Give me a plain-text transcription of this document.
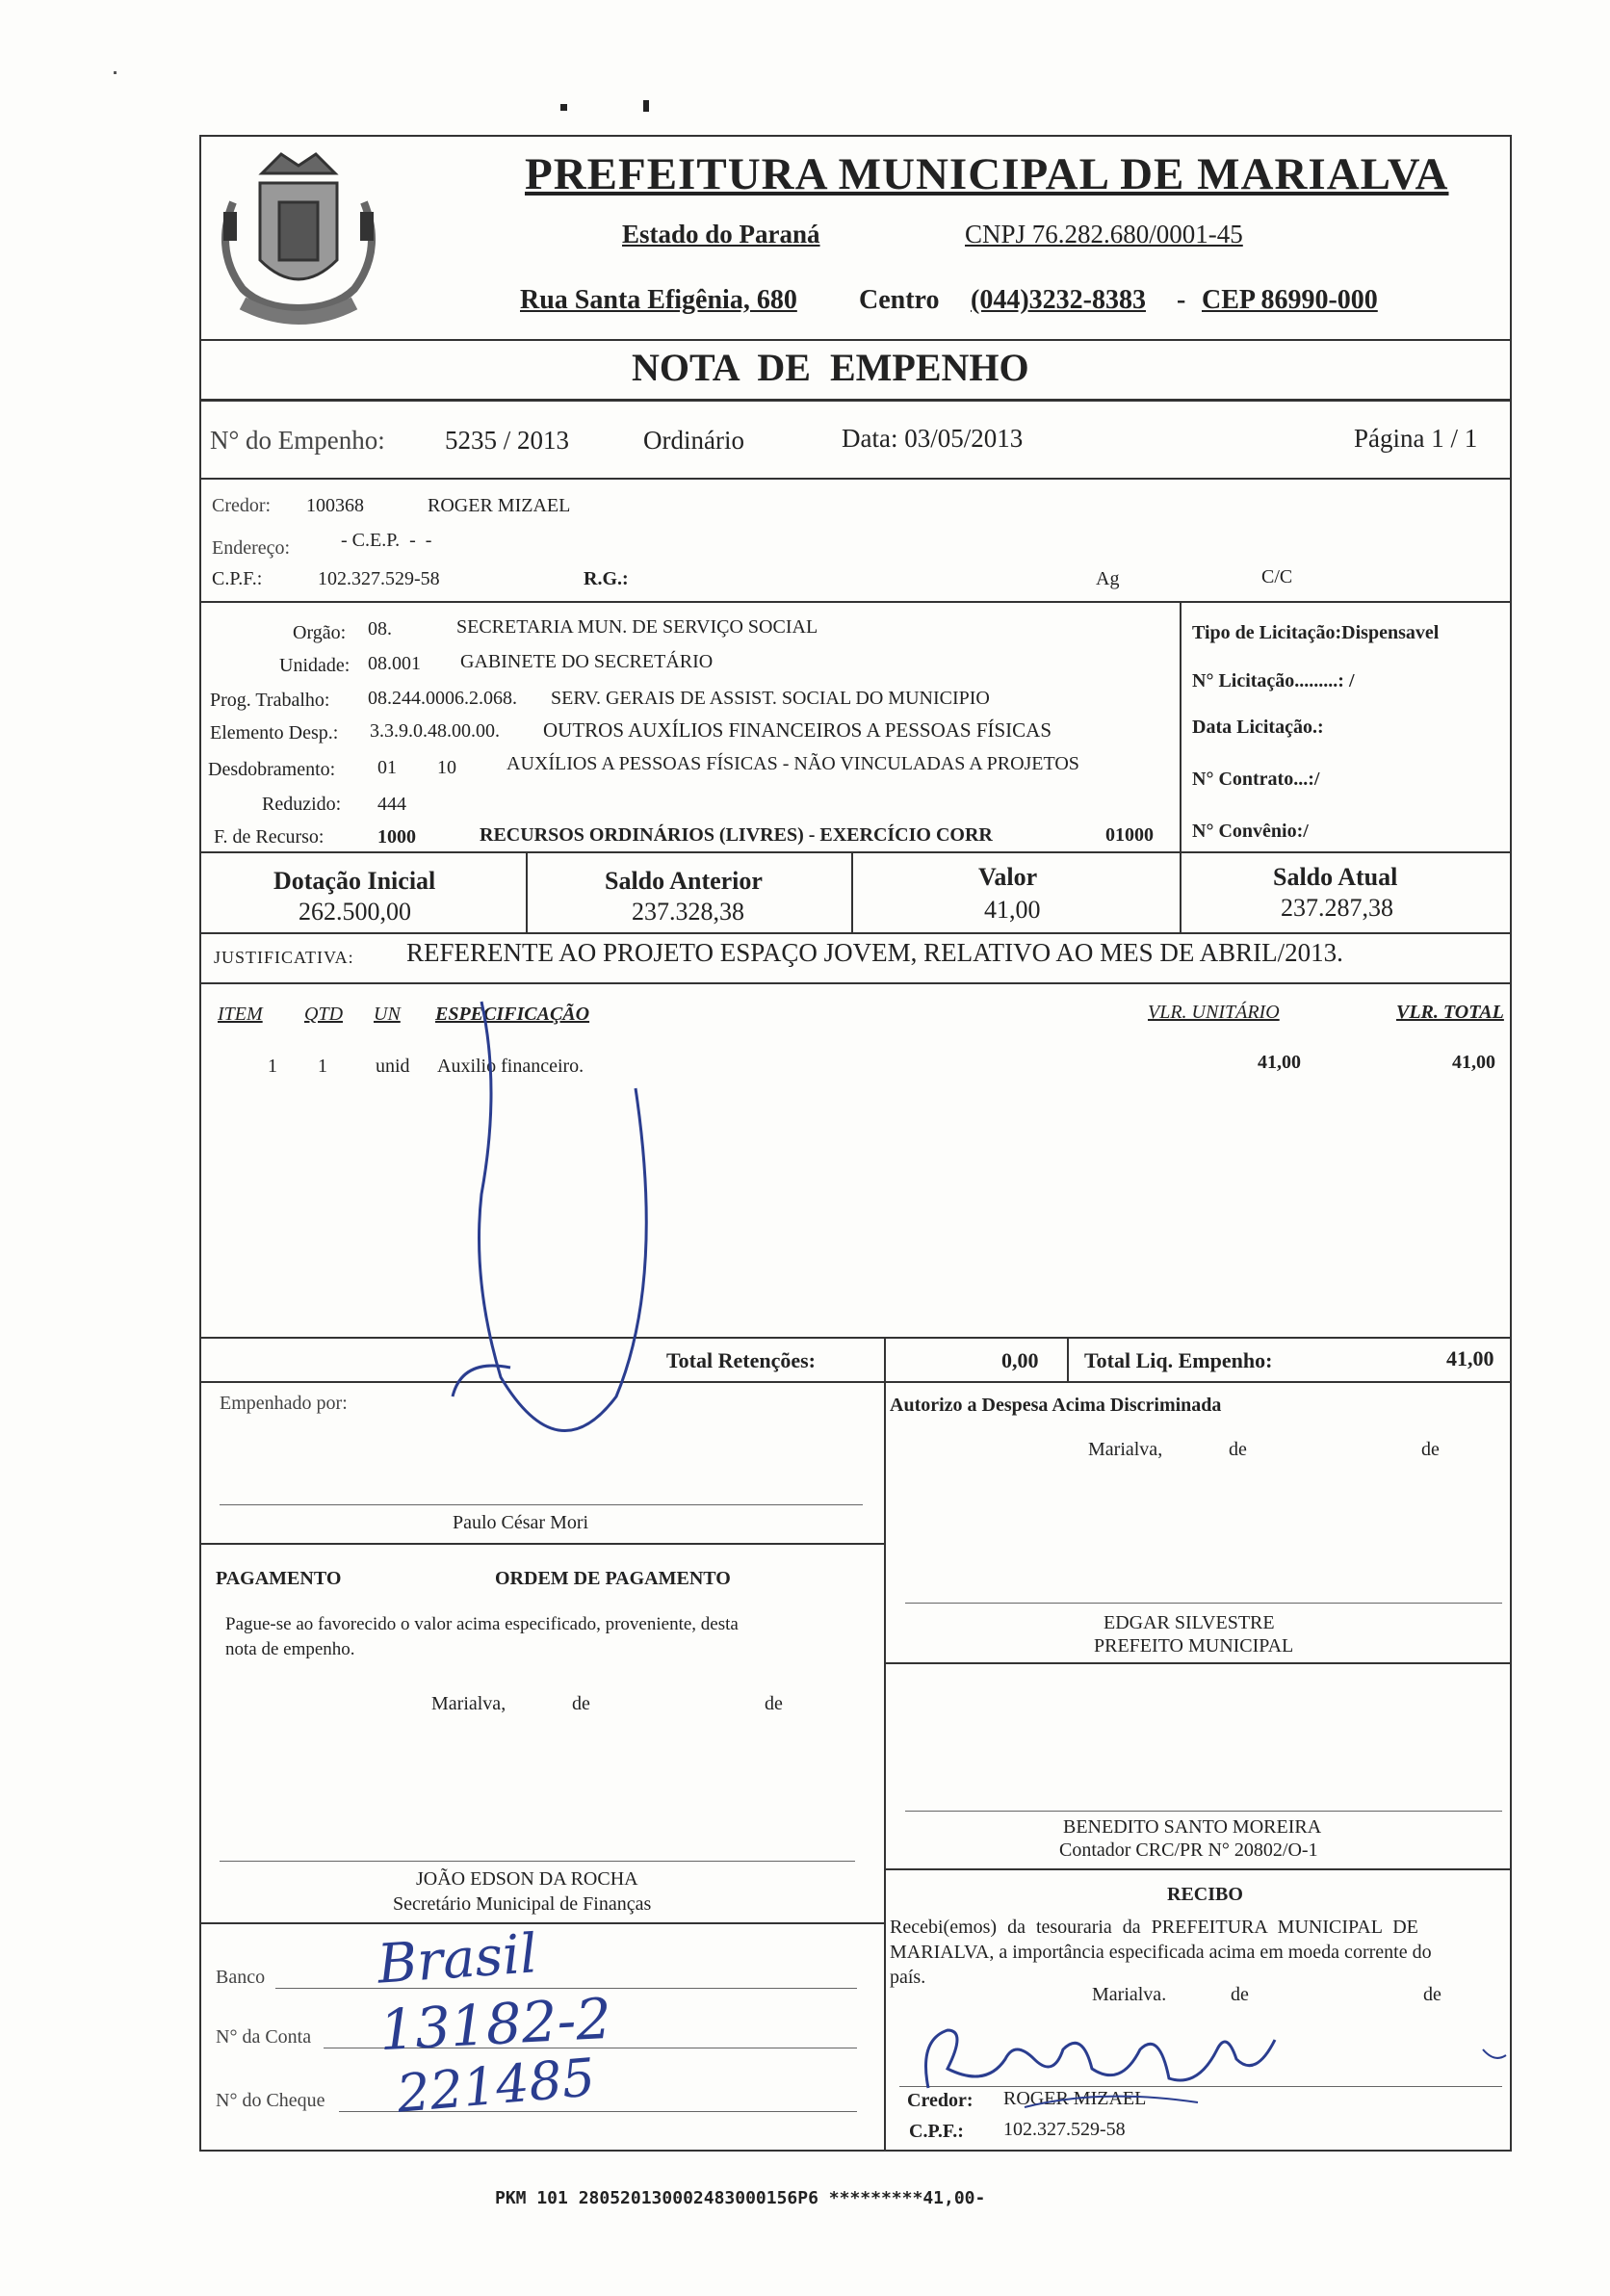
PREFEITURA MUNICIPAL DE MARIALVA
Estado do Paraná	CNPJ 76.282.680/0001-45
Rua Santa Efigênia, 680 Centro (044)3232-8383 - CEP 86990-000
NOTA  DE  EMPENHO
N° do Empenho: 5235 / 2013	Ordinário	Data: 03/05/2013	Página 1 / 1
Credor: 100368	ROGER MIZAEL
Endereço:	- C.E.P.  -  -
C.P.F.:	102.327.529-58	R.G.:	Ag	C/C
Orgão: 08.	SECRETARIA MUN. DE SERVIÇO SOCIAL
Unidade: 08.001 GABINETE DO SECRETÁRIO
Prog. Trabalho: 08.244.0006.2.068. SERV. GERAIS DE ASSIST. SOCIAL DO MUNICIPIO
Elemento Desp.: 3.3.9.0.48.00.00. OUTROS AUXÍLIOS FINANCEIROS A PESSOAS FÍSICAS
Desdobramento: 01 10	AUXÍLIOS A PESSOAS FÍSICAS - NÃO VINCULADAS A PROJETOS
Reduzido: 444
F. de Recurso:	1000	RECURSOS ORDINÁRIOS (LIVRES) - EXERCÍCIO CORR	01000
Tipo de Licitação:Dispensavel
N° Licitação.........: /
Data Licitação.:
N° Contrato...:/
N° Convênio:/
Dotação Inicial
262.500,00
Saldo Anterior
237.328,38
Valor
41,00
Saldo Atual
237.287,38
JUSTIFICATIVA: REFERENTE AO PROJETO ESPAÇO JOVEM, RELATIVO AO MES DE ABRIL/2013.
ITEM QTD UN ESPECIFICAÇÃO	VLR. UNITÁRIO	VLR. TOTAL
1 1	unid Auxilio financeiro.	41,00	41,00
Total Retenções:	0,00 Total Liq. Empenho:	41,00
Empenhado por:
Paulo César Mori
Autorizo a Despesa Acima Discriminada
Marialva,	de	de
EDGAR SILVESTRE
PREFEITO MUNICIPAL
PAGAMENTO	ORDEM DE PAGAMENTO
Pague-se ao favorecido o valor acima especificado, proveniente, desta
nota de empenho.
Marialva,	de	de
JOÃO EDSON DA ROCHA
Secretário Municipal de Finanças
BENEDITO SANTO MOREIRA
Contador CRC/PR N° 20802/O-1
Banco Brasil
N° da Conta 13182-2
N° do Cheque 221485
RECIBO
Recebi(emos) da tesouraria da PREFEITURA MUNICIPAL DE
MARIALVA, a importância especificada acima em moeda corrente do
país.
Marialva.	de	de
Credor: ROGER MIZAEL
C.P.F.: 102.327.529-58
PKM 101 280520130002483000156P6 *********41,00-
